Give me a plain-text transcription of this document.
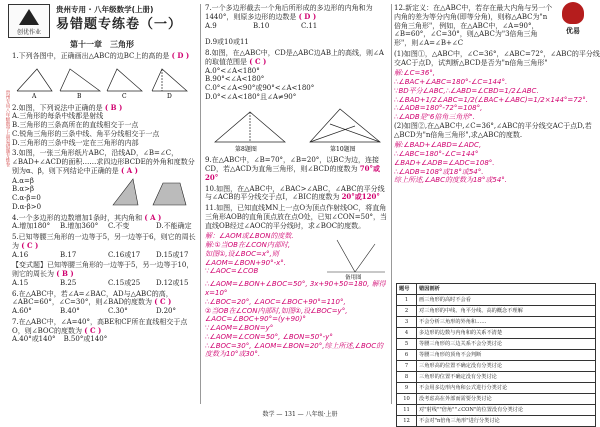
创优作业
贵州专用 · 八年级数学(上册)
易错题专练卷（一）
第十一章　三角形
优易
贵州专用八年级数学上册易错题专练卷
1.下列各图中，正确画出△ABC的边BC上的高的是 ( D )
A	B	C	D
2.如图，下列说法中正确的是 ( B )
A.三角形的每条中线都是射线
B.三角形的三条高所在的直线相交于一点
C.锐角三角形的三条中线、角平分线相交于一点
D.三角形的三条中线一定在三角形的内部
3.如图，一张三角形纸片ABC，沿线AD，∠B=∠C，∠BAD+∠ACD的面积……求四边形BCDE的外角和度数分别为α、β，则下列结论中正确的是 ( A )
A.α=β
B.α>β
C.α-β=0
D.α-β>0
4.一个多边形的边数增加1条时，其内角和 ( A )
A.增加180° B.增加360° C.不变	D.不能确定
5.已知等腰三角形的一边等于5，另一边等于6，则它的周长为 ( C )
A.16	B.17	C.16或17	D.15或17
【变式题】已知等腰三角形的一边等于5，另一边等于10，则它的周长为 ( B )
A.15	B.25	C.15或25	D.12或15
6.在△ABC中，若∠A=∠BAC，AD与△ABC的高，∠ABC=60°，∠C=30°，则∠BAD的度数为 ( C )
A.60°	B.40°	C.30°	D.20°
7.在△ABC中，∠A=40°，高BE和CF所在直线相交于点O，则∠BOC的度数为 ( C )
A.40°或140° B.50°或140°
7.一个多边形截去一个角后所形成的多边形的内角和为1440°，则原多边形的边数是 ( D )
A.9	B.10	C.11
D.9或10或11
8.如图，在△ABC中，CD是△ABC边AB上的高线，则∠A的取值范围是 ( C )
A.0°<∠A<180°
B.90°<∠A<180°
C.0°<∠A<90°或90°<∠A<180°
D.0°<∠A<180°且∠A≠90°
第8题图	第10题图
9.在△ABC中，∠B=70°，∠B=20°，以BC为边，连接CD，若△ACD为直角三角形，则∠BCD的度数为 70°或20°
10.如图，在△ABC中，∠BAC>∠ABC，∠ABC的平分线与∠ACB的平分线交于点I，∠BIC的度数为 20°或120°
11.如图，已知直线MN上一点O为顶点作射线OC，将直角三角形AOB的直角顶点放在点O处，已知∠CON=50°，当直线OB经过∠AOC的平分线时，求∠BOC的度数。
解：∠AOM或∠BON的度数.
解:①当OB在∠CON内部时,
如图①,设∠BOC=x°,则
∠AOM=∠BON+90°-x°.
∵∠AOC=∠COB
备用图
∴∠AOM=∠BON+∠BOC=50°, 3x+90+50=180, 解得x=10°
∴∠BOC=20°, ∠AOC=∠BOC+90°=110°,
②当OB在∠CON内部时,如图②,设∠BOC=y°, ∠AOC=∠BOC+90°=(y+90)°
∵∠AOM=∠BON=y°
∴∠AOM=∠CON=50°, ∠BON=50°-y°
∴∠BOC=30°, ∠AOM=∠BON=20°,综上所述,∠BOC的度数为10°或30°.
12.新定义：在△ABC中，若存在最大内角与另一个内角的差为等分内角(即等分角)，则称△ABC为"n倍角三角形"，例如，在△ABC中，∠A=90°，∠B=60°，∠C=30°，则△ABC为"3倍角三角形"，则∠A=∠B+∠C
(1)如图①，△ABC中，∠C=36°，∠ABC=72°，∠ABC的平分线交AC于点D，试判断△BCD是否为"n倍角三角形"
解:∠C=36°,
∴∠BAC+∠ABC=180°-∠C=144°.
∵BD平分∠ABC,∴∠ABD=∠CBD=1/2∠ABC.
∴∠BAD+1/2∠ABC=1/2(∠BAC+∠ABC)=1/2×144°=72°.
∴∠ADB=180°-72°=108°,
∴∠ADB是"6倍角三角形".
(2)如图②,在△ABC中,∠C=36°,∠ABC的平分线交AC于点D,若△BCD为"n倍角三角形",求△ABC的度数.
解:∠BAD+∠ABD=∠ADC,
∴∠ABC=180°-∠C=144°
∠BAD+∠ADB=∠ADC=108°.
∴∠ADB=108°或18°或54°.
综上所述,∠ABC的度数为18°或54°.
题号	错因剖析
1	画三角形的高时不会看
2	对三角形的中线、角平分线、高的概念不理解
3	不会分析三角形的外角和……
4	多边形的边数与内角和的关系不清楚
5	等腰三角形的三边关系不会分类讨论
6	等腰三角形的顶角不会判断
7	三角形高的位置不确定没有分类讨论
8	三角形的位置不确定没有分类讨论
9	不会用多边形内角和公式进行分类讨论
10	没考虑高在外部而需要分类讨论
11	对"射线""倍角""∠CON"的位置没有分类讨论
12	不会对"n倍角三角形"进行分类讨论
数学 — 131 — 八年级·上册
